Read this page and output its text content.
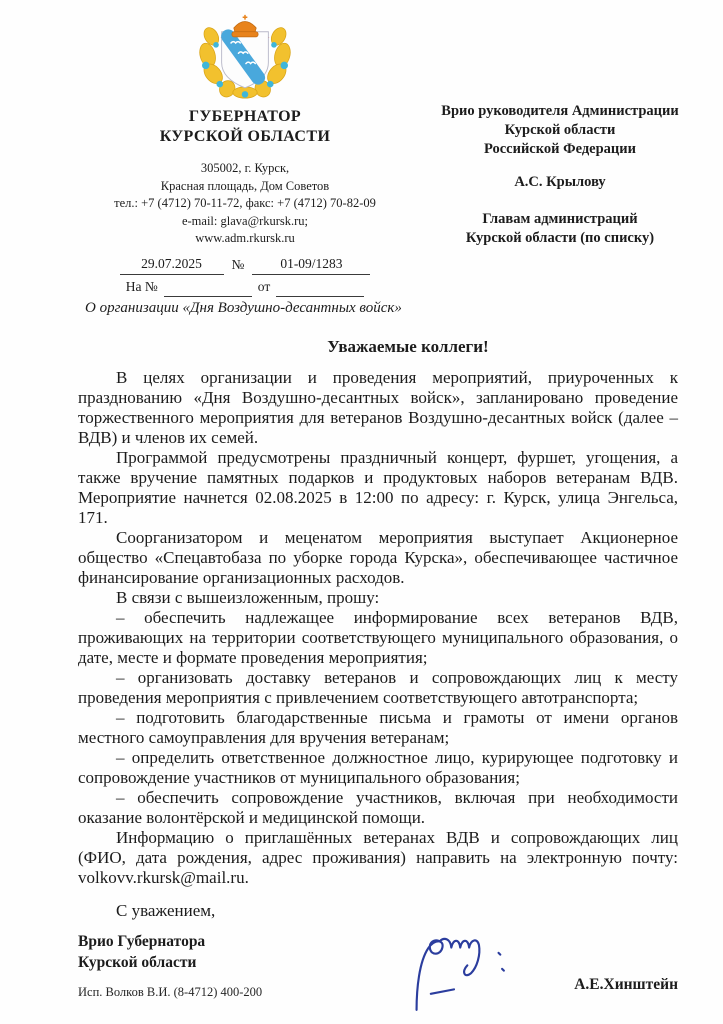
ГУБЕРНАТОР
КУРСКОЙ ОБЛАСТИ
305002, г. Курск,
Красная площадь, Дом Советов
тел.: +7 (4712) 70-11-72, факс: +7 (4712) 70-82-09
e-mail: glava@rkursk.ru;
www.adm.rkursk.ru
29.07.2025	№	01-09/1283
На №	от
Врио руководителя Администрации
Курской области
Российской Федерации
А.С. Крылову
Главам администраций
Курской области (по списку)
О организации «Дня Воздушно-десантных войск»
Уважаемые коллеги!

В целях организации и проведения мероприятий, приуроченных к празднованию «Дня Воздушно-десантных войск», запланировано проведение торжественного мероприятия для ветеранов Воздушно-десантных войск (далее – ВДВ) и членов их семей.

Программой предусмотрены праздничный концерт, фуршет, угощения, а также вручение памятных подарков и продуктовых наборов ветеранам ВДВ. Мероприятие начнется 02.08.2025 в 12:00 по адресу: г. Курск, улица Энгельса, 171.

Соорганизатором и меценатом мероприятия выступает Акционерное общество «Спецавтобаза по уборке города Курска», обеспечивающее частичное финансирование организационных расходов.

В связи с вышеизложенным, прошу:

– обеспечить надлежащее информирование всех ветеранов ВДВ, проживающих на территории соответствующего муниципального образования, о дате, месте и формате проведения мероприятия;

– организовать доставку ветеранов и сопровождающих лиц к месту проведения мероприятия с привлечением соответствующего автотранспорта;

– подготовить благодарственные письма и грамоты от имени органов местного самоуправления для вручения ветеранам;

– определить ответственное должностное лицо, курирующее подготовку и сопровождение участников от муниципального образования;

– обеспечить сопровождение участников, включая при необходимости оказание волонтёрской и медицинской помощи.

Информацию о приглашённых ветеранах ВДВ и сопровождающих лиц (ФИО, дата рождения, адрес проживания) направить на электронную почту: volkovv.rkursk@mail.ru.

С уважением,
Врио Губернатора
Курской области
Исп. Волков В.И. (8-4712) 400-200	А.Е.Хинштейн
